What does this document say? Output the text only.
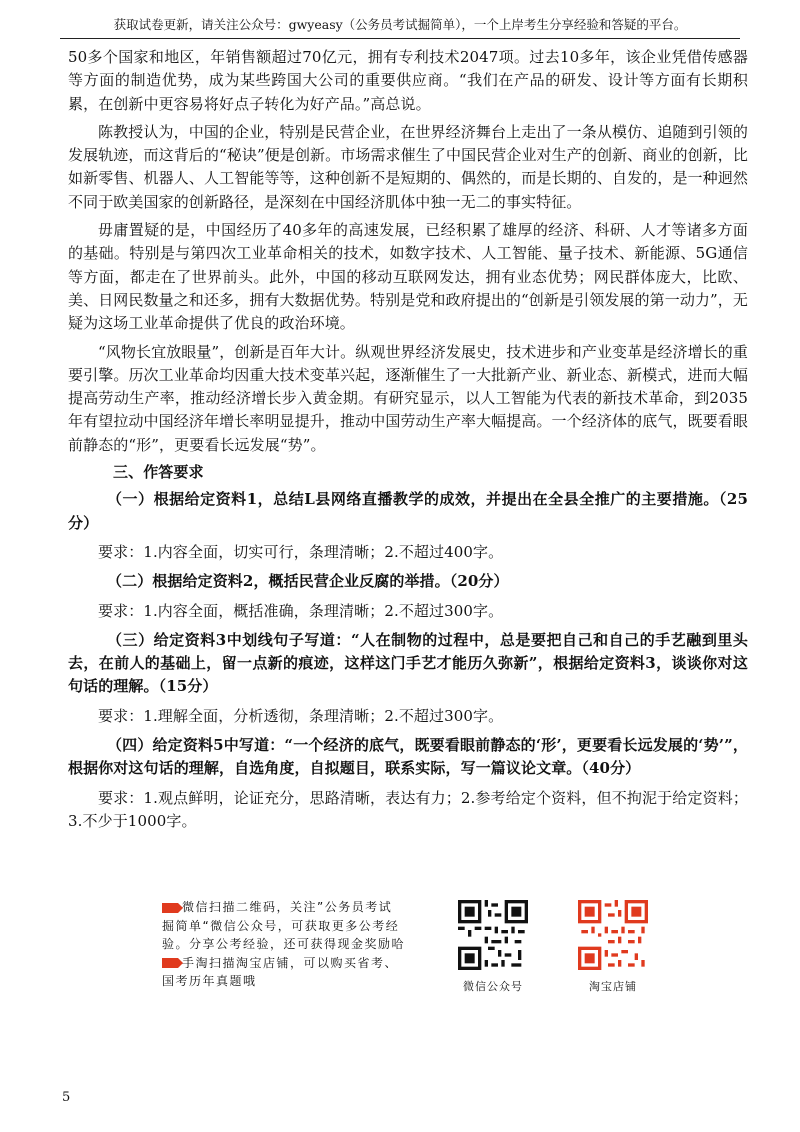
获取试卷更新，请关注公众号：gwyeasy（公务员考试掘简单），一个上岸考生分享经验和答疑的平台。

50多个国家和地区，年销售额超过70亿元，拥有专利技术2047项。过去10多年，该企业凭借传感器等方面的制造优势，成为某些跨国大公司的重要供应商。“我们在产品的研发、设计等方面有长期积累，在创新中更容易将好点子转化为好产品。”高总说。

陈教授认为，中国的企业，特别是民营企业，在世界经济舞台上走出了一条从模仿、追随到引领的发展轨迹，而这背后的“秘诀”便是创新。市场需求催生了中国民营企业对生产的创新、商业的创新，比如新零售、机器人、人工智能等等，这种创新不是短期的、偶然的，而是长期的、自发的，是一种迥然不同于欧美国家的创新路径，是深刻在中国经济肌体中独一无二的事实特征。

毋庸置疑的是，中国经历了40多年的高速发展，已经积累了雄厚的经济、科研、人才等诸多方面的基础。特别是与第四次工业革命相关的技术，如数字技术、人工智能、量子技术、新能源、5G通信等方面，都走在了世界前头。此外，中国的移动互联网发达，拥有业态优势；网民群体庞大，比欧、美、日网民数量之和还多，拥有大数据优势。特别是党和政府提出的“创新是引领发展的第一动力”，无疑为这场工业革命提供了优良的政治环境。

“风物长宜放眼量”，创新是百年大计。纵观世界经济发展史，技术进步和产业变革是经济增长的重要引擎。历次工业革命均因重大技术变革兴起，逐渐催生了一大批新产业、新业态、新模式，进而大幅提高劳动生产率，推动经济增长步入黄金期。有研究显示，以人工智能为代表的新技术革命，到2035年有望拉动中国经济年增长率明显提升，推动中国劳动生产率大幅提高。一个经济体的底气，既要看眼前静态的“形”，更要看长远发展“势”。

三、作答要求

（一）根据给定资料1，总结L县网络直播教学的成效，并提出在全县全推广的主要措施。（25分）

要求：1.内容全面，切实可行，条理清晰；2.不超过400字。

（二）根据给定资料2，概括民营企业反腐的举措。（20分）

要求：1.内容全面，概括准确，条理清晰；2.不超过300字。

（三）给定资料3中划线句子写道：“人在制物的过程中，总是要把自己和自己的手艺融到里头去，在前人的基础上，留一点新的痕迹，这样这门手艺才能历久弥新”，根据给定资料3，谈谈你对这句话的理解。（15分）

要求：1.理解全面，分析透彻，条理清晰；2.不超过300字。

（四）给定资料5中写道：“一个经济的底气，既要看眼前静态的‘形’，更要看长远发展的‘势’”，根据你对这句话的理解，自选角度，自拟题目，联系实际，写一篇议论文章。（40分）

要求：1.观点鲜明，论证充分，思路清晰，表达有力；2.参考给定个资料，但不拘泥于给定资料；3.不少于1000字。

微信扫描二维码，关注”公务员考试
掘简单“微信公众号，可获取更多公考经
验。分享公考经验，还可获得现金奖励哈
手淘扫描淘宝店铺，可以购买省考、
国考历年真题哦	微信公众号	淘宝店铺
5
